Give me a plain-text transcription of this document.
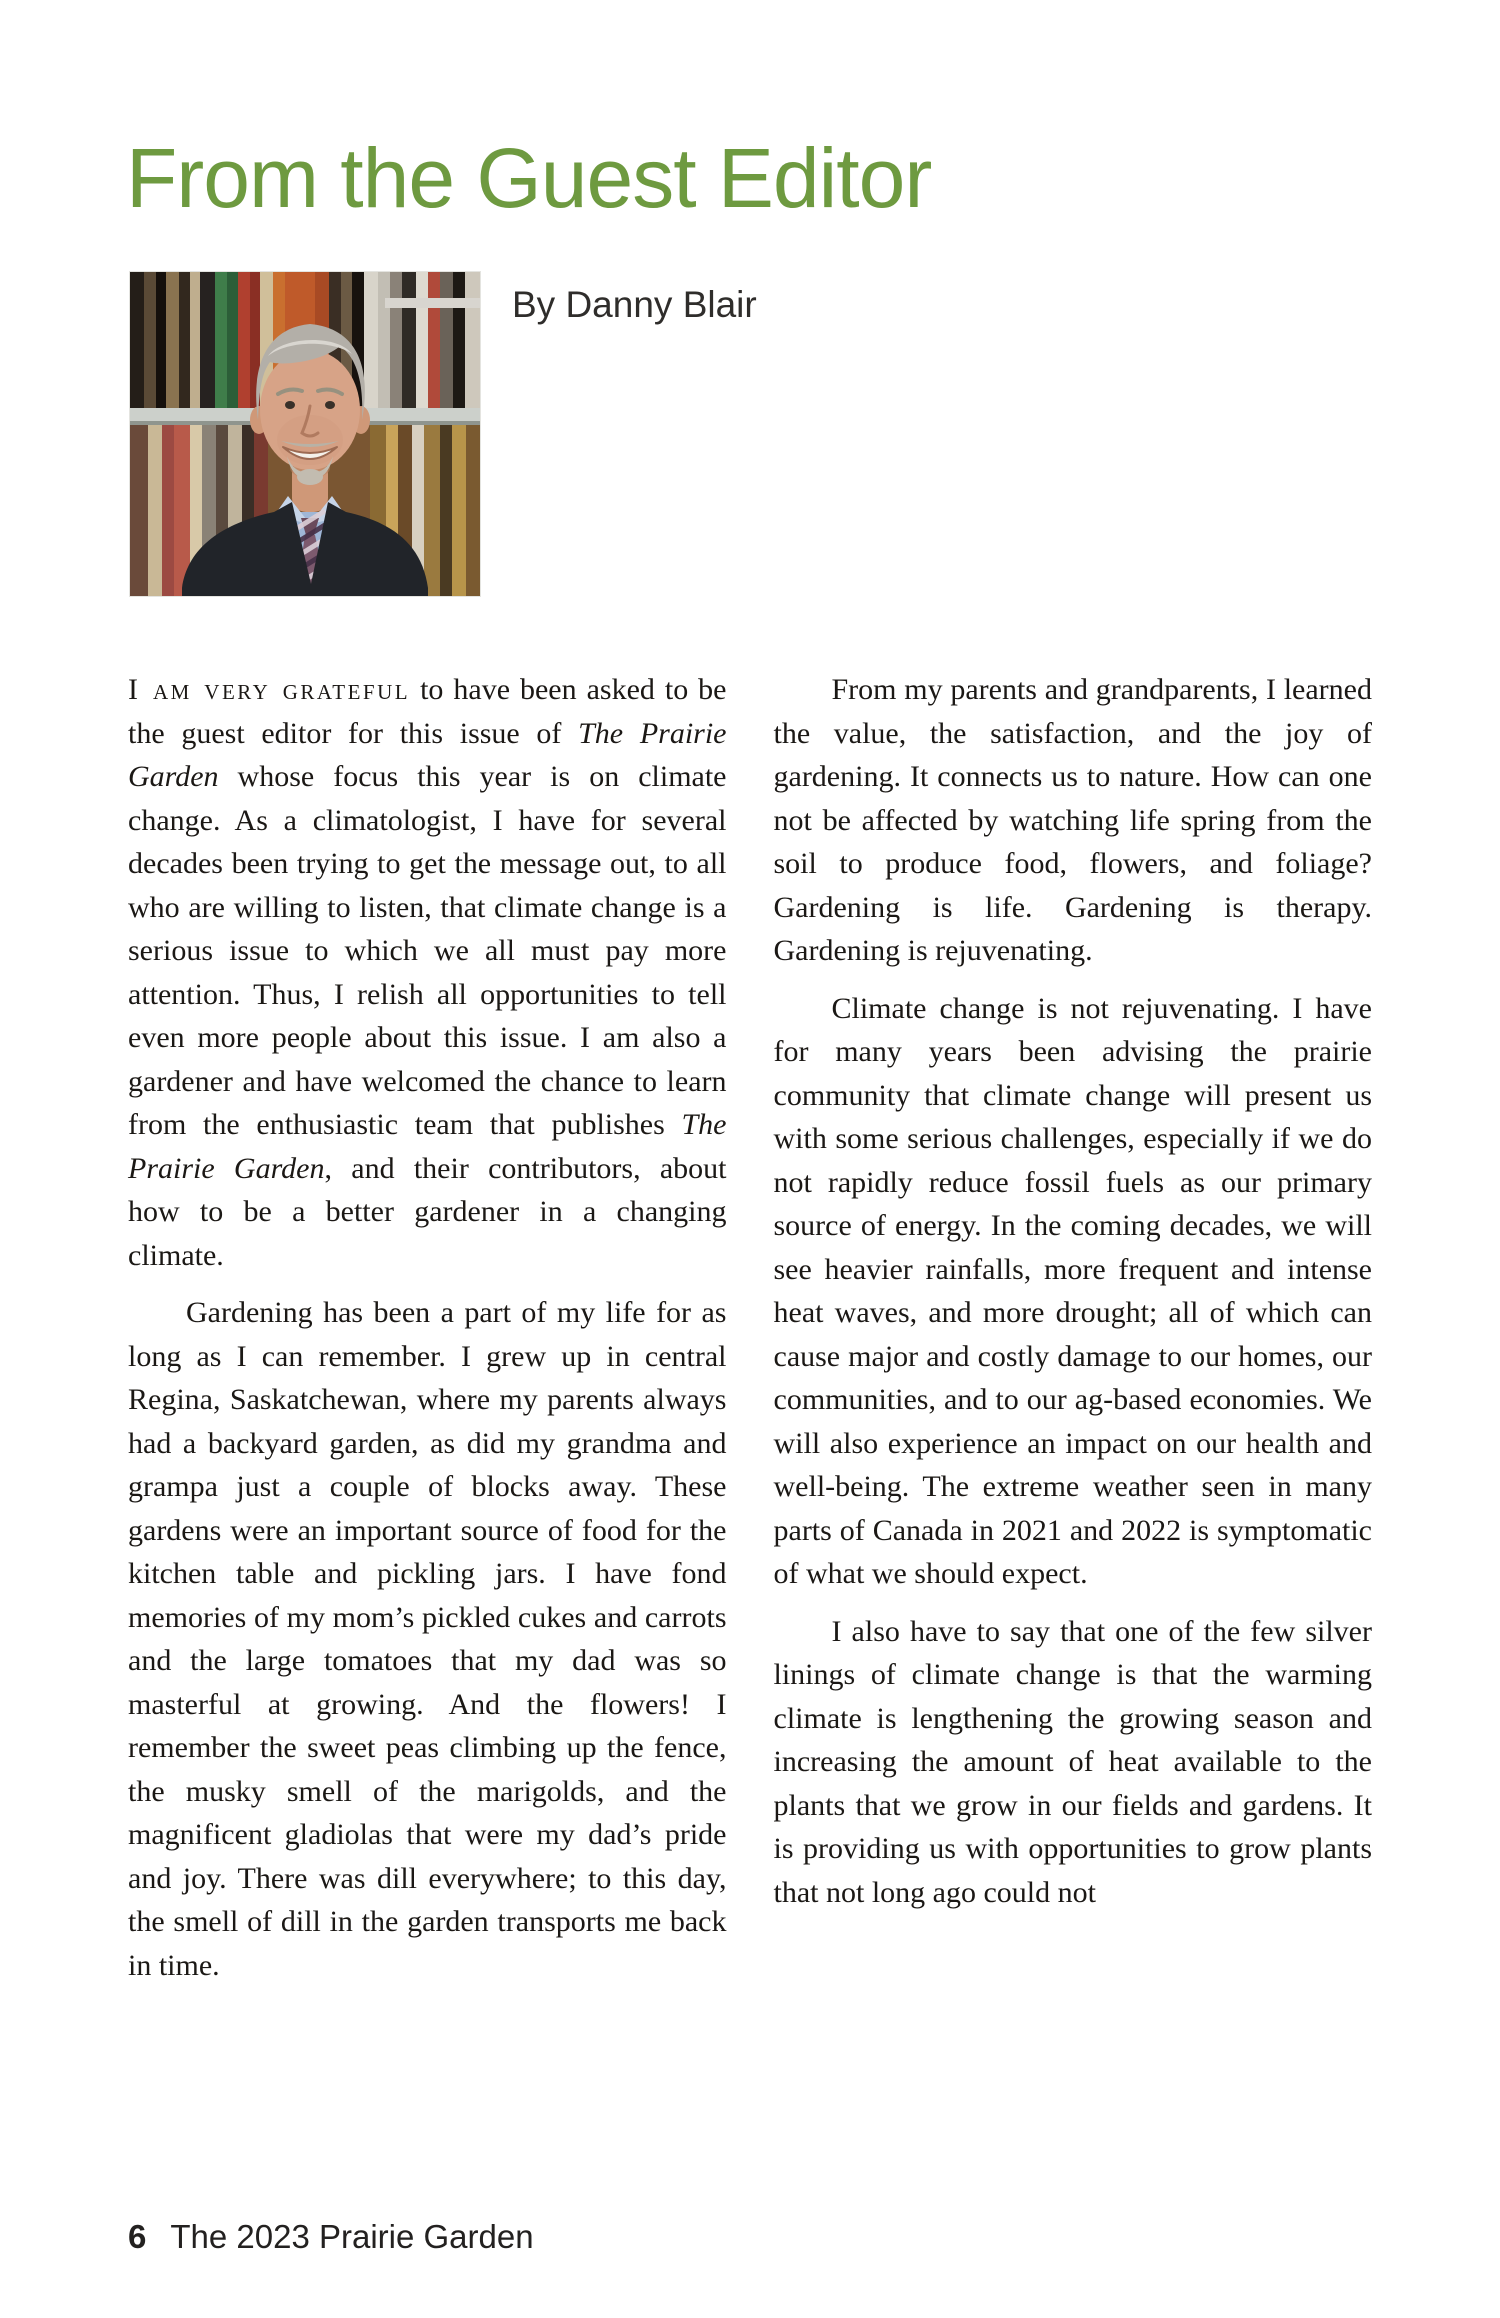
From the Guest Editor
By Danny Blair

I am very grateful to have been asked to be the guest editor for this issue of The Prairie Garden whose focus this year is on climate change. As a climatologist, I have for several decades been trying to get the message out, to all who are willing to listen, that climate change is a serious issue to which we all must pay more attention. Thus, I relish all opportunities to tell even more people about this issue. I am also a gardener and have welcomed the chance to learn from the enthusiastic team that publishes The Prairie Garden, and their contributors, about how to be a better gardener in a changing climate.

Gardening has been a part of my life for as long as I can remember. I grew up in central Regina, Saskatchewan, where my parents always had a backyard garden, as did my grandma and grampa just a couple of blocks away. These gardens were an important source of food for the kitchen table and pickling jars. I have fond memories of my mom’s pickled cukes and carrots and the large tomatoes that my dad was so masterful at growing. And the flowers! I remember the sweet peas climbing up the fence, the musky smell of the marigolds, and the magnificent gladiolas that were my dad’s pride and joy. There was dill everywhere; to this day, the smell of dill in the garden transports me back in time.

From my parents and grandparents, I learned the value, the satisfaction, and the joy of gardening. It connects us to nature. How can one not be affected by watching life spring from the soil to produce food, flowers, and foliage? Gardening is life. Gardening is therapy. Gardening is rejuvenating.

Climate change is not rejuvenating. I have for many years been advising the prairie community that climate change will present us with some serious challenges, especially if we do not rapidly reduce fossil fuels as our primary source of energy. In the coming decades, we will see heavier rainfalls, more frequent and intense heat waves, and more drought; all of which can cause major and costly damage to our homes, our communities, and to our ag-based economies. We will also experience an impact on our health and well-being. The extreme weather seen in many parts of Canada in 2021 and 2022 is symptomatic of what we should expect.

I also have to say that one of the few silver linings of climate change is that the warming climate is lengthening the growing season and increasing the amount of heat available to the plants that we grow in our fields and gardens. It is providing us with opportunities to grow plants that not long ago could not

6 The 2023 Prairie Garden
